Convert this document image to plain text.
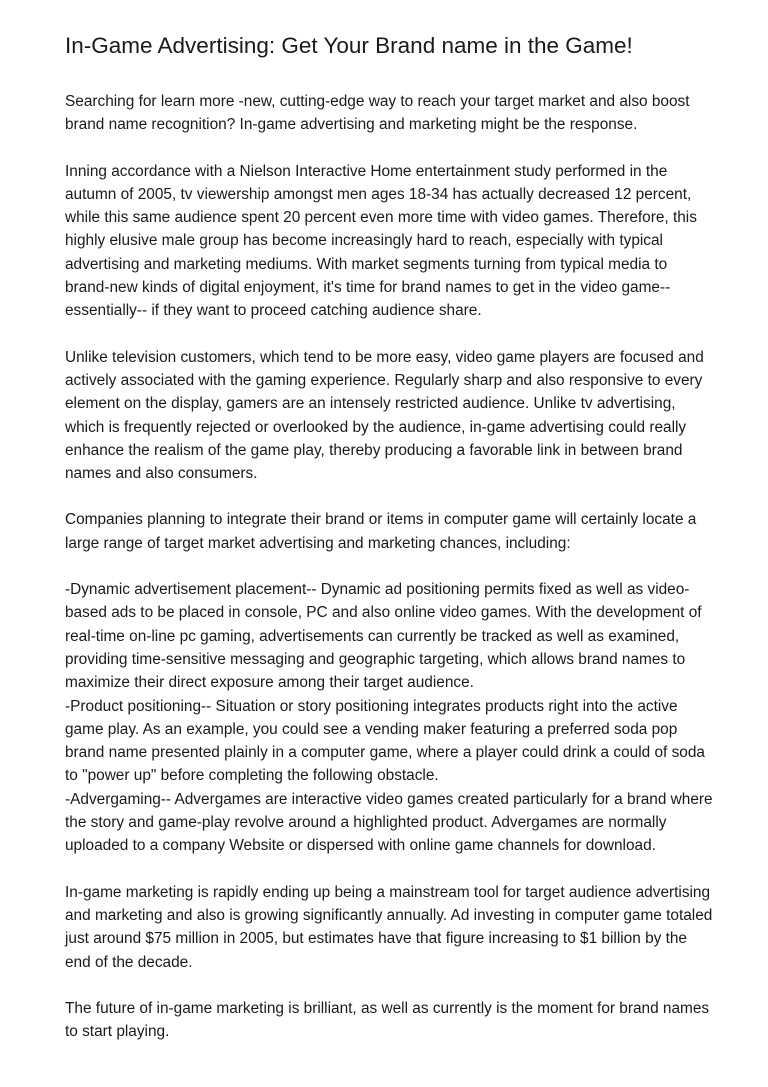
In-Game Advertising: Get Your Brand name in the Game!

Searching for learn more -new, cutting-edge way to reach your target market and also boost brand name recognition? In-game advertising and marketing might be the response.

Inning accordance with a Nielson Interactive Home entertainment study performed in the autumn of 2005, tv viewership amongst men ages 18-34 has actually decreased 12 percent, while this same audience spent 20 percent even more time with video games. Therefore, this highly elusive male group has become increasingly hard to reach, especially with typical advertising and marketing mediums. With market segments turning from typical media to brand-new kinds of digital enjoyment, it's time for brand names to get in the video game-- essentially-- if they want to proceed catching audience share.

Unlike television customers, which tend to be more easy, video game players are focused and actively associated with the gaming experience. Regularly sharp and also responsive to every element on the display, gamers are an intensely restricted audience. Unlike tv advertising, which is frequently rejected or overlooked by the audience, in-game advertising could really enhance the realism of the game play, thereby producing a favorable link in between brand names and also consumers.

Companies planning to integrate their brand or items in computer game will certainly locate a large range of target market advertising and marketing chances, including:

-Dynamic advertisement placement-- Dynamic ad positioning permits fixed as well as video-based ads to be placed in console, PC and also online video games. With the development of real-time on-line pc gaming, advertisements can currently be tracked as well as examined, providing time-sensitive messaging and geographic targeting, which allows brand names to maximize their direct exposure among their target audience.

-Product positioning-- Situation or story positioning integrates products right into the active game play. As an example, you could see a vending maker featuring a preferred soda pop brand name presented plainly in a computer game, where a player could drink a could of soda to "power up" before completing the following obstacle.

-Advergaming-- Advergames are interactive video games created particularly for a brand where the story and game-play revolve around a highlighted product. Advergames are normally uploaded to a company Website or dispersed with online game channels for download.

In-game marketing is rapidly ending up being a mainstream tool for target audience advertising and marketing and also is growing significantly annually. Ad investing in computer game totaled just around $75 million in 2005, but estimates have that figure increasing to $1 billion by the end of the decade.

The future of in-game marketing is brilliant, as well as currently is the moment for brand names to start playing.
